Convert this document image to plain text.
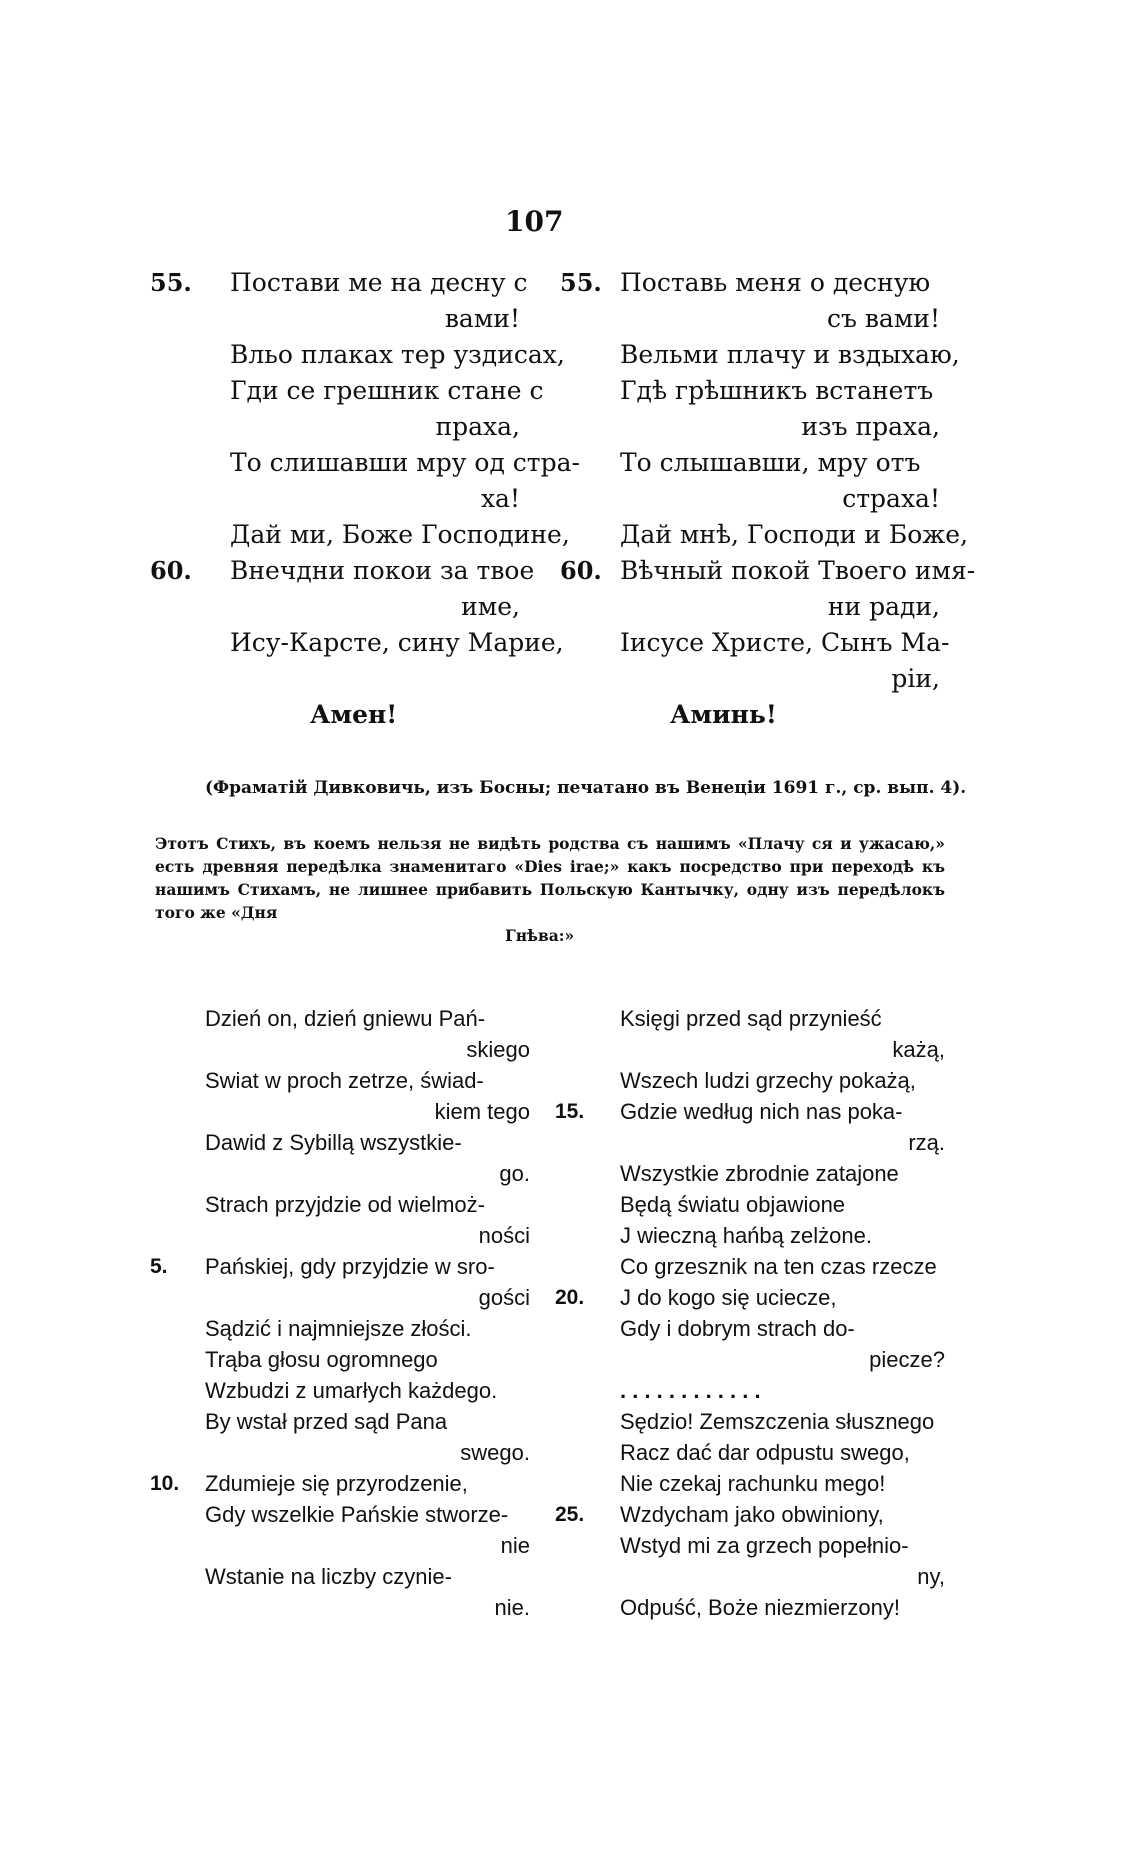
107
55. Постави ме на десну с
вами!
Вльо плаках тер уздисах,
Гди се грешник стане с
праха,
То слишавши мру од стра-
ха!
Дай ми, Боже Господине,
60. Внечдни покои за твое
име,
Ису-Карсте, сину Марие,
Амен!
55. Поставь меня о десную
съ вами!
Вельми плачу и вздыхаю,
Гдѣ грѣшникъ встанетъ
изъ праха,
То слышавши, мру отъ
страха!
Дай мнѣ, Господи и Боже,
60. Вѣчный покой Твоего имя-
ни ради,
Іисусе Христе, Сынъ Ма-
ріи,
Аминь!
(Фраматій Дивковичь, изъ Босны; печатано въ Венеціи 1691 г., ср. вып. 4).
Этотъ Стихъ, въ коемъ нельзя не видѣть родства съ нашимъ «Плачу ся и ужасаю,» есть древняя передѣлка знаменитаго «Dies irae;» какъ посредство при переходѣ къ нашимъ Стихамъ, не лишнее прибавить Польскую Кантычку, одну изъ передѣлокъ того же «Дня
Гнѣва:»
Dzień on, dzień gniewu Pań-
skiego
Swiat w proch zetrze, świad-
kiem tego
Dawid z Sybillą wszystkie-
go.
Strach przyjdzie od wielmoż-
ności
5. Pańskiej, gdy przyjdzie w sro-
gości
Sądzić i najmniejsze złości.
Trąba głosu ogromnego
Wzbudzi z umarłych każdego.
By wstał przed sąd Pana
swego.
10. Zdumieje się przyrodzenie,
Gdy wszelkie Pańskie stworze-
nie
Wstanie na liczby czynie-
nie.
Księgi przed sąd przynieść
każą,
Wszech ludzi grzechy pokażą,
15. Gdzie według nich nas poka-
rzą.
Wszystkie zbrodnie zatajone
Będą światu objawione
J wieczną hańbą zelżone.
Co grzesznik na ten czas rzecze
20. J do kogo się uciecze,
Gdy i dobrym strach do-
piecze?
. . . . . . . . . . . .
Sędzio! Zemszczenia słusznego
Racz dać dar odpustu swego,
Nie czekaj rachunku mego!
25. Wzdycham jako obwiniony,
Wstyd mi za grzech popełnio-
ny,
Odpuść, Boże niezmierzony!
